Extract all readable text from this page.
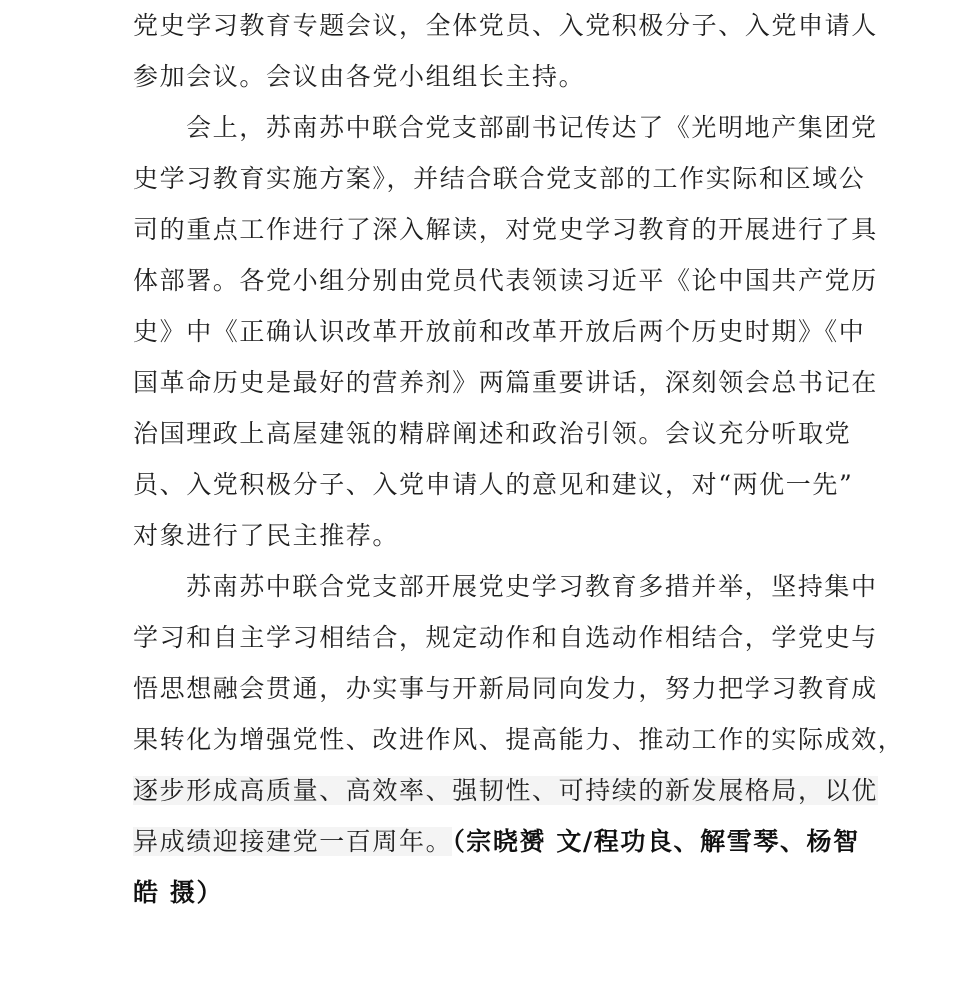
党史学习教育专题会议，全体党员、入党积极分子、入党申请人
参加会议。会议由各党小组组长主持。
会上，苏南苏中联合党支部副书记传达了《光明地产集团党
史学习教育实施方案》，并结合联合党支部的工作实际和区域公
司的重点工作进行了深入解读，对党史学习教育的开展进行了具
体部署。各党小组分别由党员代表领读习近平《论中国共产党历
史》中《正确认识改革开放前和改革开放后两个历史时期》《中
国革命历史是最好的营养剂》两篇重要讲话，深刻领会总书记在
治国理政上高屋建瓴的精辟阐述和政治引领。会议充分听取党
员、入党积极分子、入党申请人的意见和建议，对“两优一先”
对象进行了民主推荐。
苏南苏中联合党支部开展党史学习教育多措并举，坚持集中
学习和自主学习相结合，规定动作和自选动作相结合，学党史与
悟思想融会贯通，办实事与开新局同向发力，努力把学习教育成
果转化为增强党性、改进作风、提高能力、推动工作的实际成效，
逐步形成高质量、高效率、强韧性、可持续的新发展格局，以优
异成绩迎接建党一百周年。（宗晓赟 文/程功良、解雪琴、杨智
皓 摄）
